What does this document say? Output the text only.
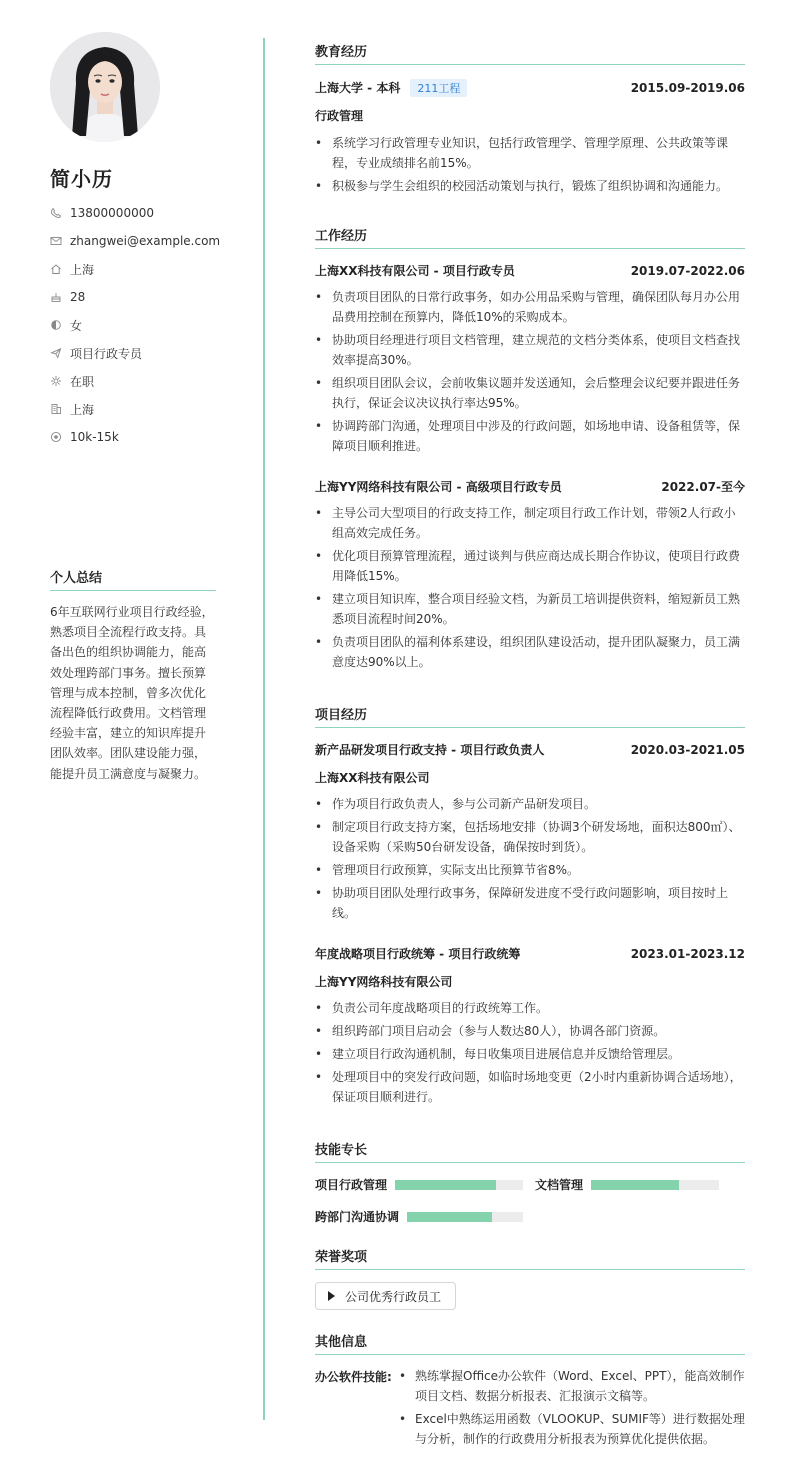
简小历
13800000000
zhangwei@example.com
上海
28
女
项目行政专员
在职
上海
10k-15k
个人总结
6年互联网行业项目行政经验，熟悉项目全流程行政支持。具备出色的组织协调能力，能高效处理跨部门事务。擅长预算管理与成本控制，曾多次优化流程降低行政费用。文档管理经验丰富，建立的知识库提升团队效率。团队建设能力强，能提升员工满意度与凝聚力。
教育经历
上海大学 - 本科 211工程	2015.09-2019.06
行政管理
• 系统学习行政管理专业知识，包括行政管理学、管理学原理、公共政策等课程，专业成绩排名前15%。
• 积极参与学生会组织的校园活动策划与执行，锻炼了组织协调和沟通能力。
工作经历
上海XX科技有限公司 - 项目行政专员	2019.07-2022.06
• 负责项目团队的日常行政事务，如办公用品采购与管理，确保团队每月办公用品费用控制在预算内，降低10%的采购成本。
• 协助项目经理进行项目文档管理，建立规范的文档分类体系，使项目文档查找效率提高30%。
• 组织项目团队会议，会前收集议题并发送通知，会后整理会议纪要并跟进任务执行，保证会议决议执行率达95%。
• 协调跨部门沟通，处理项目中涉及的行政问题，如场地申请、设备租赁等，保障项目顺利推进。
上海YY网络科技有限公司 - 高级项目行政专员	2022.07-至今
• 主导公司大型项目的行政支持工作，制定项目行政工作计划，带领2人行政小组高效完成任务。
• 优化项目预算管理流程，通过谈判与供应商达成长期合作协议，使项目行政费用降低15%。
• 建立项目知识库，整合项目经验文档，为新员工培训提供资料，缩短新员工熟悉项目流程时间20%。
• 负责项目团队的福利体系建设，组织团队建设活动，提升团队凝聚力，员工满意度达90%以上。
项目经历
新产品研发项目行政支持 - 项目行政负责人	2020.03-2021.05
上海XX科技有限公司
• 作为项目行政负责人，参与公司新产品研发项目。
• 制定项目行政支持方案，包括场地安排（协调3个研发场地，面积达800㎡）、设备采购（采购50台研发设备，确保按时到货）。
• 管理项目行政预算，实际支出比预算节省8%。
• 协助项目团队处理行政事务，保障研发进度不受行政问题影响，项目按时上线。
年度战略项目行政统筹 - 项目行政统筹	2023.01-2023.12
上海YY网络科技有限公司
• 负责公司年度战略项目的行政统筹工作。
• 组织跨部门项目启动会（参与人数达80人），协调各部门资源。
• 建立项目行政沟通机制，每日收集项目进展信息并反馈给管理层。
• 处理项目中的突发行政问题，如临时场地变更（2小时内重新协调合适场地），保证项目顺利进行。
技能专长
项目行政管理	文档管理
跨部门沟通协调
荣誉奖项
公司优秀行政员工
其他信息
办公软件技能:
•	熟练掌握Office办公软件（Word、Excel、PPT），能高效制作项目文档、数据分析报表、汇报演示文稿等。
• Excel中熟练运用函数（VLOOKUP、SUMIF等）进行数据处理与分析，制作的行政费用分析报表为预算优化提供依据。
